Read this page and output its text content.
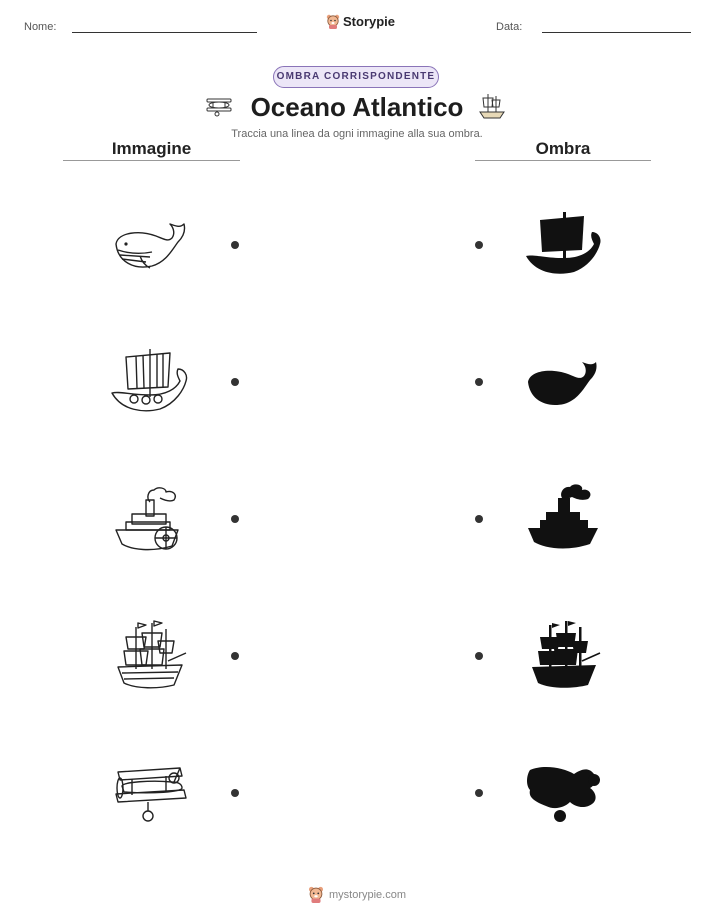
Nome:	Storypie	Data:
OMBRA CORRISPONDENTE
Oceano Atlantico
Traccia una linea da ogni immagine alla sua ombra.
Immagine	Ombra
mystorypie.com
